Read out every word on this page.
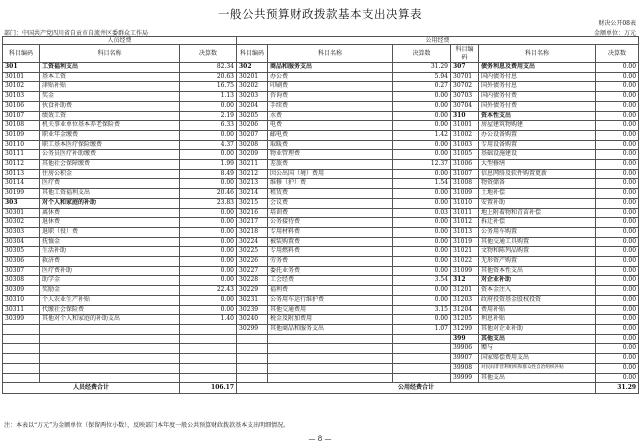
一般公共预算财政拨款基本支出决算表
财决公开08表
部门：中国共产党四川省自贡市自流井区委群众工作局	金额单位：万元
人员经费			公用经费					
科目编码	科目名称	决算数	科目编码	科目名称	决算数	科目编码	科目名称	决算数
301	工资福利支出	82.34	302	商品和服务支出	31.29	307	债务利息及费用支出	0.00
30101	基本工资	20.63	30201	办公费	5.94	30701	国内债务付息	0.00
30102	津贴补贴	16.75	30202	印刷费	0.27	30702	国外债务付息	0.00
30103	奖金	1.13	30203	咨询费	0.00	30703	国内债务付费	0.00
30106	伙食补助费	0.00	30204	手续费	0.00	30704	国外债务付费	0.00
30107	绩效工资	2.19	30205	水费	0.00	310	资本性支出	0.00
30108	机关事业单位基本养老保险费	6.33	30206	电费	0.00	31001	房屋建筑物购建	0.00
30109	职业年金缴费	0.00	30207	邮电费	1.42	31002	办公设备购置	0.00
30110	职工基本医疗保险缴费	4.37	30208	取暖费	0.00	31003	专用设备购置	0.00
30111	公务员医疗补助缴费	0.00	30209	物业管理费	0.00	31005	基础设施建设	0.00
30112	其他社会保障缴费	1.99	30211	差旅费	12.37	31006	大型修缮	0.00
30113	住房公积金	8.49	30212	因公出国（境）费用	0.00	31007	信息网络及软件购置更新	0.00
30114	医疗费	0.00	30213	维修（护）费	1.54	31008	物资储备	0.00
30199	其他工资福利支出	20.46	30214	租赁费	0.00	31009	土地补偿	0.00
303	对个人和家庭的补助	23.83	30215	会议费	0.00	31010	安置补助	0.00
30301	离休费	0.00	30216	培训费	0.03	31011	地上附着物和青苗补偿	0.00
30302	退休费	0.00	30217	公务接待费	0.00	31012	拆迁补偿	0.00
30303	退职（役）费	0.00	30218	专用材料费	0.00	31013	公务用车购置	0.00
30304	抚恤金	0.00	30224	被装购置费	0.00	31019	其他交通工具购置	0.00
30305	生活补助	0.00	30225	专用燃料费	0.00	31021	文物和陈列品购置	0.00
30306	救济费	0.00	30226	劳务费	0.00	31022	无形资产购置	0.00
30307	医疗费补助	0.00	30227	委托业务费	0.00	31099	其他资本性支出	0.00
30308	助学金	0.00	30228	工会经费	3.54	312	对企业补助	0.00
30309	奖励金	22.43	30229	福利费	0.00	31201	资本金注入	0.00
30310	个人农业生产补贴	0.00	30231	公务用车运行维护费	0.00	31203	政府投资基金股权投资	0.00
30311	代缴社会保险费	0.00	30239	其他交通费用	3.15	31204	费用补贴	0.00
30399	其他对个人和家庭的补助支出	1.40	30240	税金及附加费用	0.00	31205	利息补贴	0.00
			30299	其他商品和服务支出	1.07	31299	其他对企业补助	0.00
						399	其他支出	0.00
						39906	赠与	0.00
						39907	国家赔偿费用支出	0.00
						39908	对民间非营利组织和群众性自治组织补贴	0.00
						39999	其他支出	0.00
人员经费合计		106.17	公用经费合计					31.29
注：本表以“万元”为金额单位（保留两位小数），反映部门本年度一般公共预算财政拨款基本支出明细情况。
— 8 —
